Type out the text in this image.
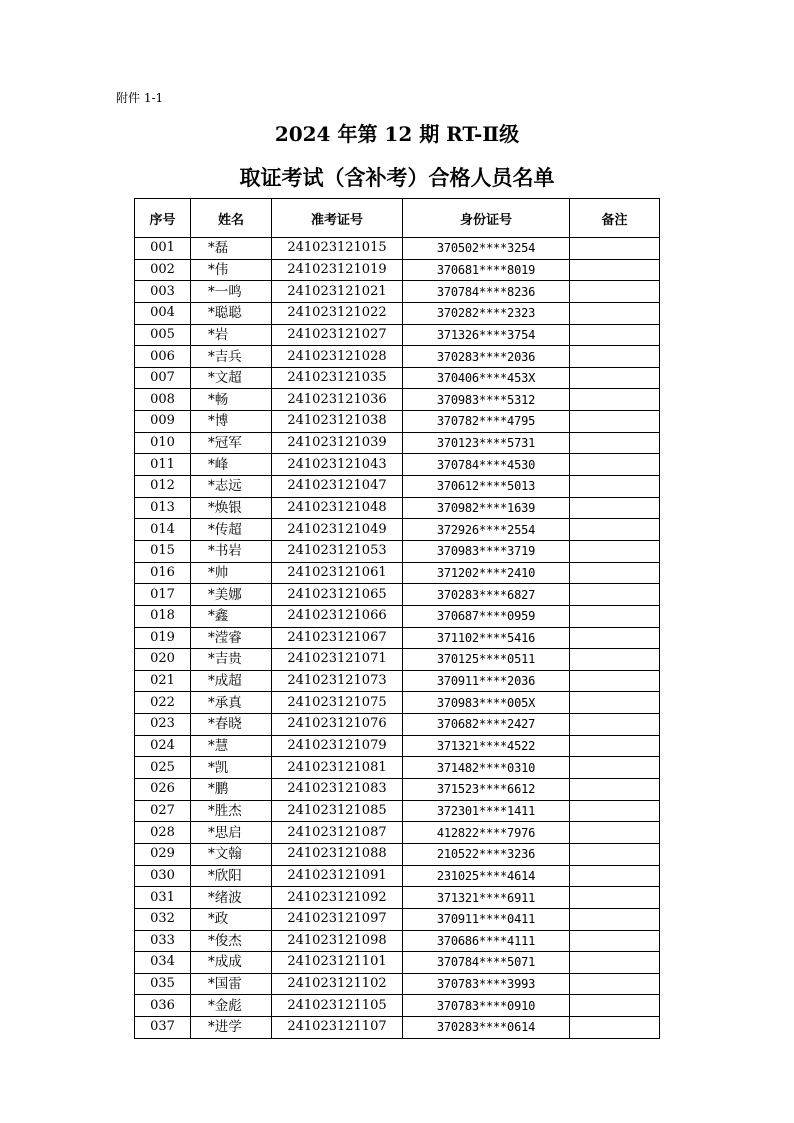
附件 1-1
2024 年第 12 期 RT-Ⅱ级
取证考试（含补考）合格人员名单
序号	姓名	准考证号	身份证号	备注
001	*磊	241023121015	370502****3254	
002	*伟	241023121019	370681****8019	
003	*一鸣	241023121021	370784****8236	
004	*聪聪	241023121022	370282****2323	
005	*岩	241023121027	371326****3754	
006	*吉兵	241023121028	370283****2036	
007	*文超	241023121035	370406****453X	
008	*畅	241023121036	370983****5312	
009	*博	241023121038	370782****4795	
010	*冠军	241023121039	370123****5731	
011	*峰	241023121043	370784****4530	
012	*志远	241023121047	370612****5013	
013	*焕银	241023121048	370982****1639	
014	*传超	241023121049	372926****2554	
015	*书岩	241023121053	370983****3719	
016	*帅	241023121061	371202****2410	
017	*美娜	241023121065	370283****6827	
018	*鑫	241023121066	370687****0959	
019	*滢睿	241023121067	371102****5416	
020	*吉贵	241023121071	370125****0511	
021	*成超	241023121073	370911****2036	
022	*承真	241023121075	370983****005X	
023	*春晓	241023121076	370682****2427	
024	*慧	241023121079	371321****4522	
025	*凯	241023121081	371482****0310	
026	*鹏	241023121083	371523****6612	
027	*胜杰	241023121085	372301****1411	
028	*思启	241023121087	412822****7976	
029	*文翰	241023121088	210522****3236	
030	*欣阳	241023121091	231025****4614	
031	*绪波	241023121092	371321****6911	
032	*政	241023121097	370911****0411	
033	*俊杰	241023121098	370686****4111	
034	*成成	241023121101	370784****5071	
035	*国雷	241023121102	370783****3993	
036	*金彪	241023121105	370783****0910	
037	*进学	241023121107	370283****0614	
